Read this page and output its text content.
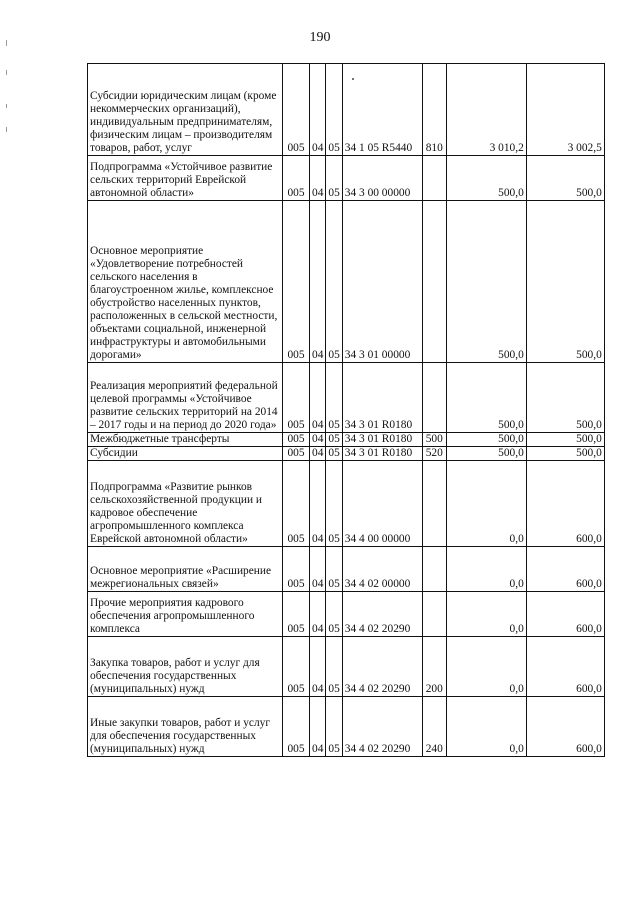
190
Субсидии юридическим лицам (кроме некоммерческих организаций), индивидуальным предпринимателям, физическим лицам – производителям товаров, работ, услуг	005	04	05	34 1 05 R5440	810	3 010,2	3 002,5
Подпрограмма «Устойчивое развитие сельских территорий Еврейской автономной области»	005	04	05	34 3 00 00000		500,0	500,0
Основное мероприятие «Удовлетворение потребностей сельского населения в благоустроенном жилье, комплексное обустройство населенных пунктов, расположенных в сельской местности, объектами социальной, инженерной инфраструктуры и автомобильными дорогами»	005	04	05	34 3 01 00000		500,0	500,0
Реализация мероприятий федеральной целевой программы «Устойчивое развитие сельских территорий на 2014 – 2017 годы и на период до 2020 года»	005	04	05	34 3 01 R0180		500,0	500,0
Межбюджетные трансферты	005	04	05	34 3 01 R0180	500	500,0	500,0
Субсидии	005	04	05	34 3 01 R0180	520	500,0	500,0
Подпрограмма «Развитие рынков сельскохозяйственной продукции и кадровое обеспечение агропромышленного комплекса Еврейской автономной области»	005	04	05	34 4 00 00000		0,0	600,0
Основное мероприятие «Расширение межрегиональных связей»	005	04	05	34 4 02 00000		0,0	600,0
Прочие мероприятия кадрового обеспечения агропромышленного комплекса	005	04	05	34 4 02 20290		0,0	600,0
Закупка товаров, работ и услуг для обеспечения государственных (муниципальных) нужд	005	04	05	34 4 02 20290	200	0,0	600,0
Иные закупки товаров, работ и услуг для обеспечения государственных (муниципальных) нужд	005	04	05	34 4 02 20290	240	0,0	600,0
